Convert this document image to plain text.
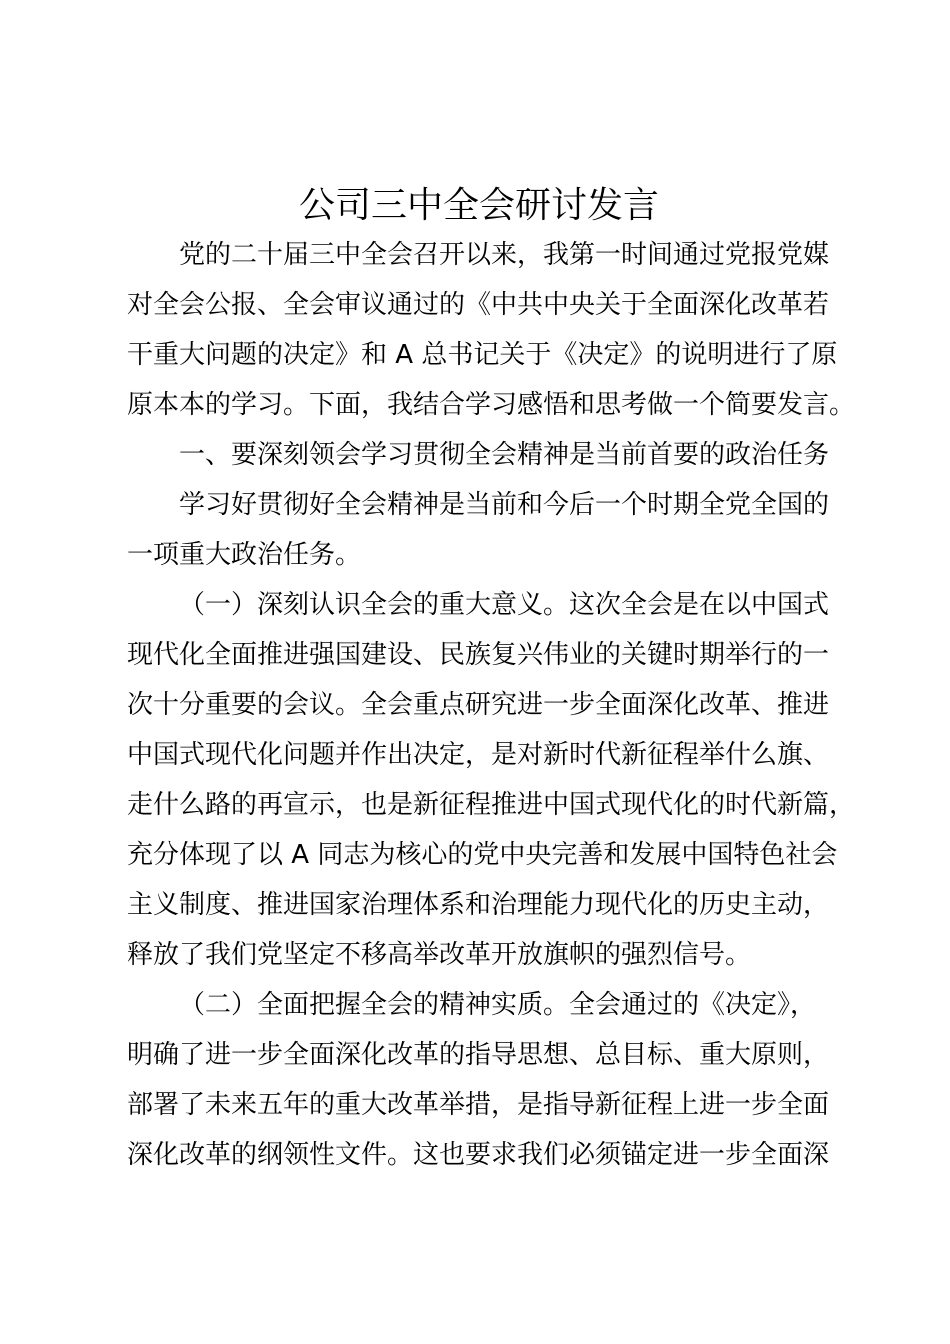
公司三中全会研讨发言
党的二十届三中全会召开以来，我第一时间通过党报党媒
对全会公报、全会审议通过的《中共中央关于全面深化改革若
干重大问题的决定》和 A 总书记关于《决定》的说明进行了原
原本本的学习。下面，我结合学习感悟和思考做一个简要发言。
一、要深刻领会学习贯彻全会精神是当前首要的政治任务
学习好贯彻好全会精神是当前和今后一个时期全党全国的
一项重大政治任务。
（一）深刻认识全会的重大意义。这次全会是在以中国式
现代化全面推进强国建设、民族复兴伟业的关键时期举行的一
次十分重要的会议。全会重点研究进一步全面深化改革、推进
中国式现代化问题并作出决定，是对新时代新征程举什么旗、
走什么路的再宣示，也是新征程推进中国式现代化的时代新篇，
充分体现了以 A 同志为核心的党中央完善和发展中国特色社会
主义制度、推进国家治理体系和治理能力现代化的历史主动，
释放了我们党坚定不移高举改革开放旗帜的强烈信号。
（二）全面把握全会的精神实质。全会通过的《决定》，
明确了进一步全面深化改革的指导思想、总目标、重大原则，
部署了未来五年的重大改革举措，是指导新征程上进一步全面
深化改革的纲领性文件。这也要求我们必须锚定进一步全面深
